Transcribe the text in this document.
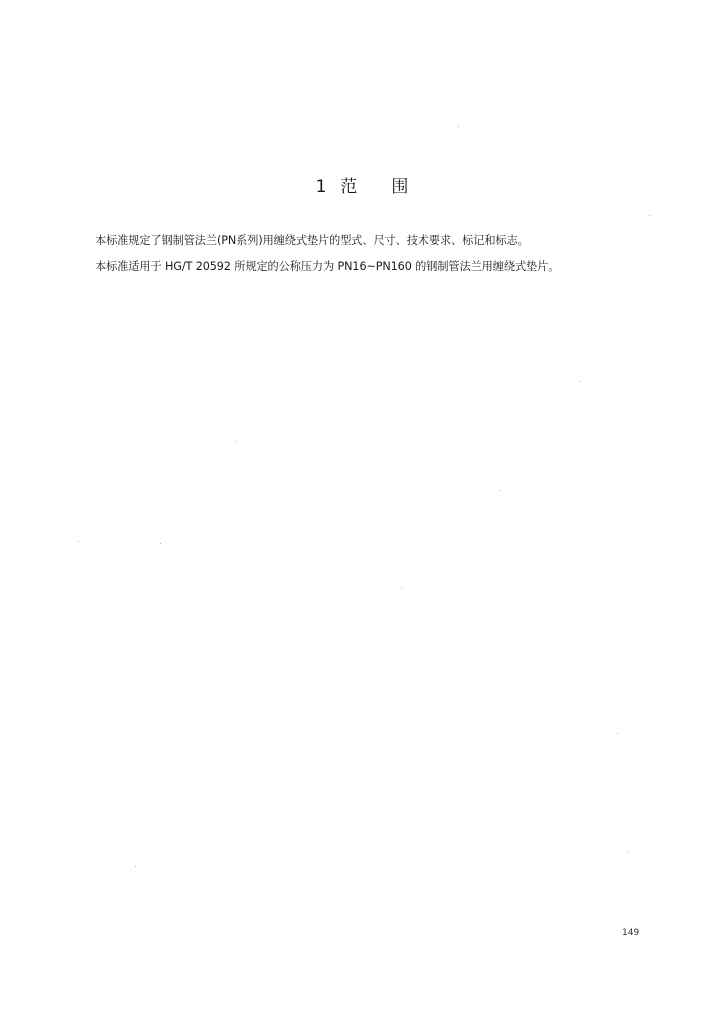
1 范 围
本标准规定了钢制管法兰(PN系列)用缠绕式垫片的型式、尺寸、技术要求、标记和标志。
本标准适用于 HG/T 20592 所规定的公称压力为 PN16~PN160 的钢制管法兰用缠绕式垫片。
149
